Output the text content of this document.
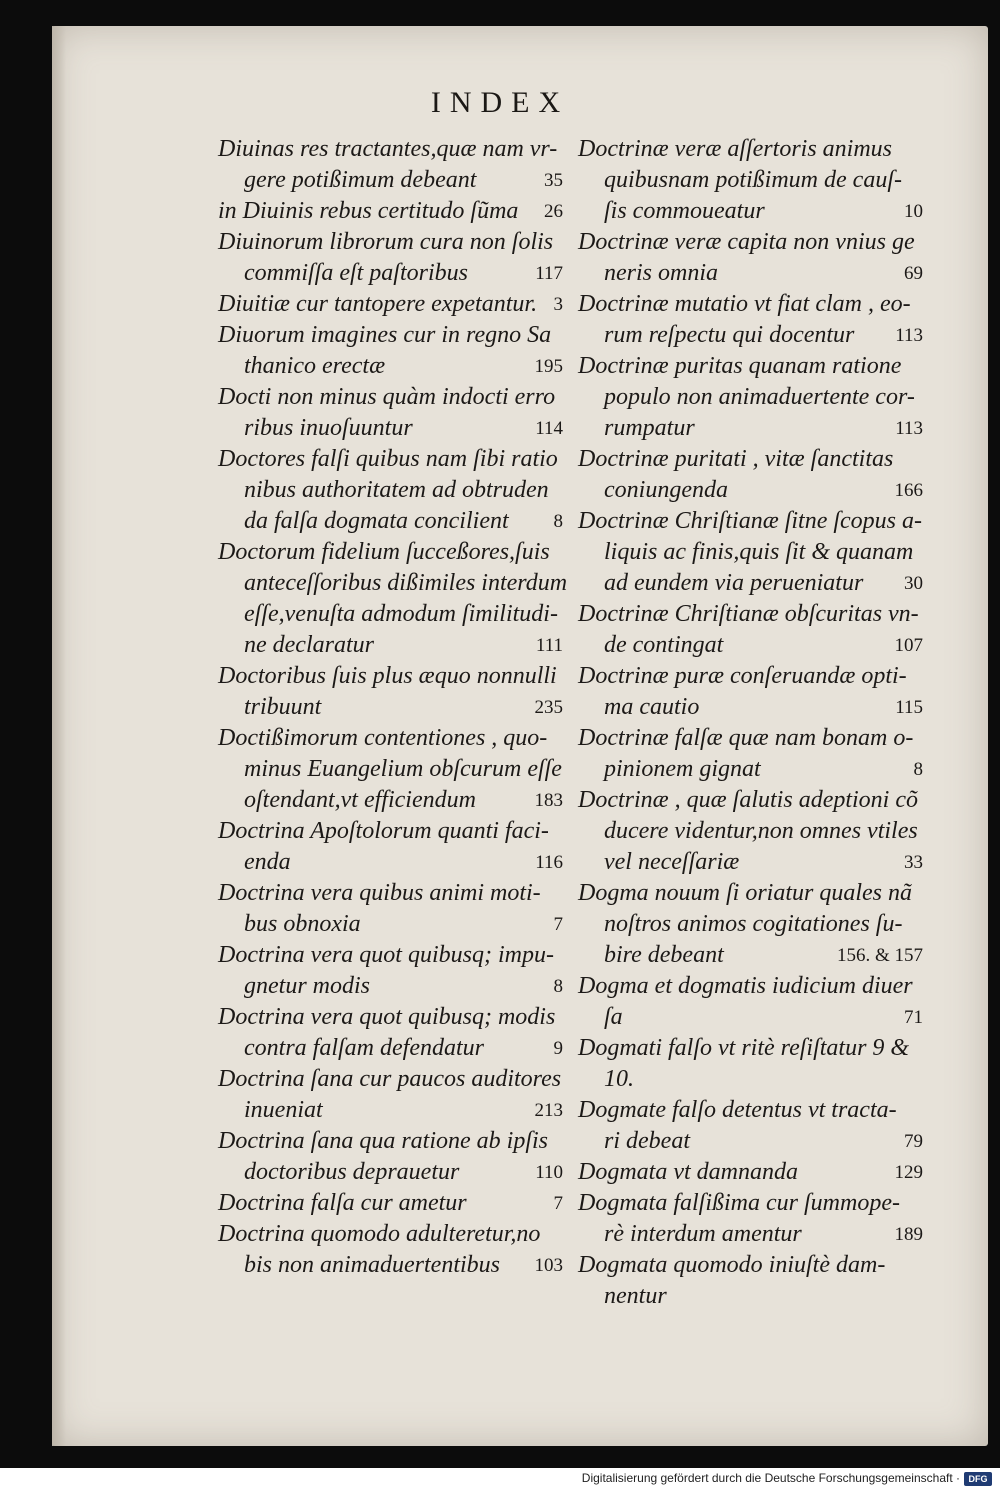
INDEX
Diuinas res tractantes,quæ nam vr-
gere potißimum debeant	35
in Diuinis rebus certitudo ſũma	26
Diuinorum librorum cura non ſolis
commiſſa eſt paſtoribus	117
Diuitiæ cur tantopere expetantur. 3
Diuorum imagines cur in regno Sa
thanico erectæ	195
Docti non minus quàm indocti erro
ribus inuoſuuntur	114
Doctores falſi quibus nam ſibi ratio
nibus authoritatem ad obtruden
da falſa dogmata concilient	8
Doctorum fidelium ſucceßores,ſuis
anteceſſoribus dißimiles interdum
eſſe,venuſta admodum ſimilitudi-
ne declaratur	111
Doctoribus ſuis plus æquo nonnulli
tribuunt	235
Doctißimorum contentiones , quo-
minus Euangelium obſcurum eſſe
oſtendant,vt efficiendum	183
Doctrina Apoſtolorum quanti faci-
enda	116
Doctrina vera quibus animi moti-
bus obnoxia	7
Doctrina vera quot quibusq; impu-
gnetur modis	8
Doctrina vera quot quibusq; modis
contra falſam defendatur	9
Doctrina ſana cur paucos auditores
inueniat	213
Doctrina ſana qua ratione ab ipſis
doctoribus deprauetur	110
Doctrina falſa cur ametur	7
Doctrina quomodo adulteretur,no
bis non animaduertentibus	103
Doctrinæ veræ aſſertoris animus
quibusnam potißimum de cauſ-
ſis commoueatur	10
Doctrinæ veræ capita non vnius ge
neris omnia	69
Doctrinæ mutatio vt fiat clam , eo-
rum reſpectu qui docentur	113
Doctrinæ puritas quanam ratione
populo non animaduertente cor-
rumpatur	113
Doctrinæ puritati , vitæ ſanctitas
coniungenda	166
Doctrinæ Chriſtianæ ſitne ſcopus a-
liquis ac finis,quis ſit & quanam
ad eundem via perueniatur	30
Doctrinæ Chriſtianæ obſcuritas vn-
de contingat	107
Doctrinæ puræ conſeruandæ opti-
ma cautio	115
Doctrinæ falſæ quæ nam bonam o-
pinionem gignat	8
Doctrinæ , quæ ſalutis adeptioni cõ
ducere videntur,non omnes vtiles
vel neceſſariæ	33
Dogma nouum ſi oriatur quales nã
noſtros animos cogitationes ſu-
bire debeant	156. & 157
Dogma et dogmatis iudicium diuer
ſa	71
Dogmati falſo vt ritè reſiſtatur 9 &
10.
Dogmate falſo detentus vt tracta-
ri debeat	79
Dogmata vt damnanda	129
Dogmata falſißima cur ſummope-
rè interdum amentur	189
Dogmata quomodo iniuſtè dam-
nentur
Digitalisierung gefördert durch die Deutsche Forschungsgemeinschaft · DFG
